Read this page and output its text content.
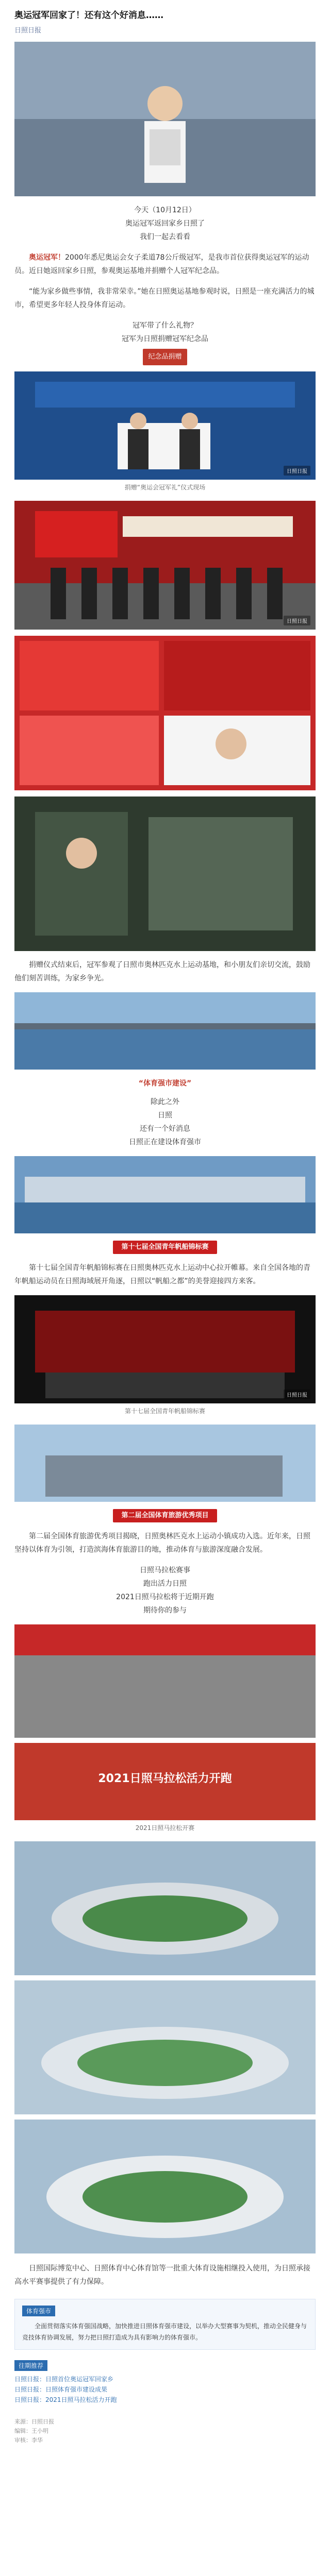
奥运冠军回家了！还有这个好消息……
日照日报
今天（10月12日）
奥运冠军返回家乡日照了
我们一起去看看

奥运冠军！2000年悉尼奥运会女子柔道78公斤级冠军，是我市首位获得奥运冠军的运动员。近日她返回家乡日照，参观奥运基地并捐赠个人冠军纪念品。

“能为家乡做些事情，我非常荣幸。”她在日照奥运基地参观时说，日照是一座充满活力的城市，希望更多年轻人投身体育运动。

冠军带了什么礼物？
冠军为日照捐赠冠军纪念品
纪念品捐赠
日照日报
捐赠“奥运会冠军礼”仪式现场
日照日报

捐赠仪式结束后，冠军参观了日照市奥林匹克水上运动基地，和小朋友们亲切交流，鼓励他们刻苦训练，为家乡争光。

“体育强市建设”
除此之外
日照
还有一个好消息
日照正在建设体育强市
第十七届全国青年帆船锦标赛

第十七届全国青年帆船锦标赛在日照奥林匹克水上运动中心拉开帷幕。来自全国各地的青年帆船运动员在日照海域展开角逐，日照以“帆船之都”的美誉迎接四方来客。

日照日报
第十七届全国青年帆船锦标赛
第二届全国体育旅游优秀项目

第二届全国体育旅游优秀项目揭晓，日照奥林匹克水上运动小镇成功入选。近年来，日照坚持以体育为引领，打造滨海体育旅游目的地，推动体育与旅游深度融合发展。

日照马拉松赛事
跑出活力日照
2021日照马拉松将于近期开跑
期待你的参与
2021日照马拉松活力开跑
2021日照马拉松开赛

日照国际博览中心、日照体育中心体育馆等一批重大体育设施相继投入使用，为日照承接高水平赛事提供了有力保障。

体育强市

全面贯彻落实体育强国战略，加快推进日照体育强市建设，以举办大型赛事为契机，推动全民健身与竞技体育协调发展，努力把日照打造成为具有影响力的体育强市。

往期推荐
日照日报：日照首位奥运冠军回家乡
日照日报：日照体育强市建设成果
日照日报：2021日照马拉松活力开跑
来源：日照日报
编辑：王小明
审核：李华
